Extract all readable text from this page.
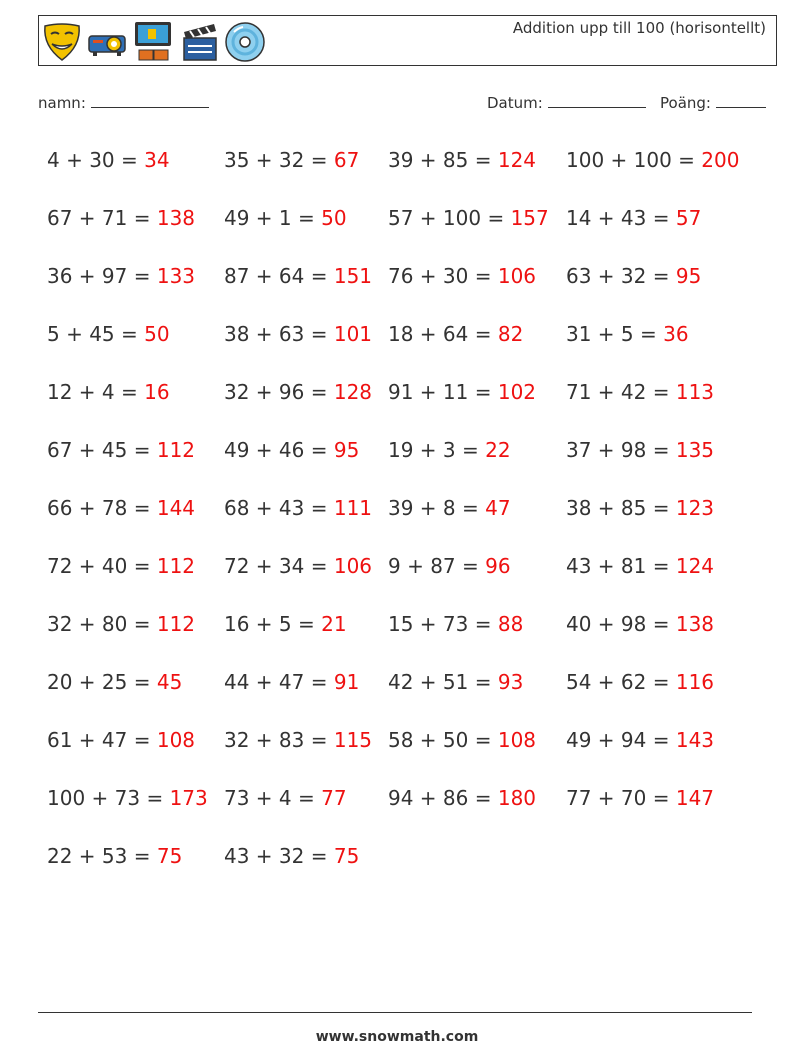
Addition upp till 100 (horisontellt)
namn:	Datum:	Poäng:
4 + 30 = 34	35 + 32 = 67 39 + 85 = 124 100 + 100 = 200
67 + 71 = 138 49 + 1 = 50 57 + 100 = 157 14 + 43 = 57
36 + 97 = 133 87 + 64 = 151 76 + 30 = 106 63 + 32 = 95
5 + 45 = 50	38 + 63 = 101 18 + 64 = 82 31 + 5 = 36
12 + 4 = 16	32 + 96 = 128 91 + 11 = 102 71 + 42 = 113
67 + 45 = 112 49 + 46 = 95 19 + 3 = 22	37 + 98 = 135
66 + 78 = 144 68 + 43 = 111 39 + 8 = 47	38 + 85 = 123
72 + 40 = 112 72 + 34 = 106 9 + 87 = 96	43 + 81 = 124
32 + 80 = 112 16 + 5 = 21 15 + 73 = 88 40 + 98 = 138
20 + 25 = 45 44 + 47 = 91 42 + 51 = 93 54 + 62 = 116
61 + 47 = 108 32 + 83 = 115 58 + 50 = 108 49 + 94 = 143
100 + 73 = 173 73 + 4 = 77 94 + 86 = 180 77 + 70 = 147
22 + 53 = 75 43 + 32 = 75
www.snowmath.com
